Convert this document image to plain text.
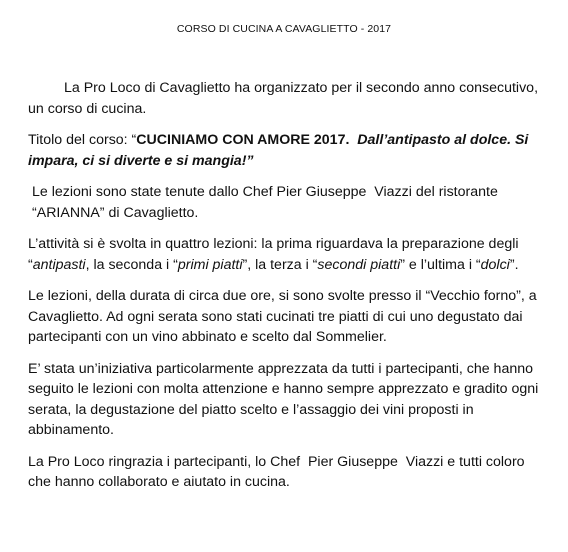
CORSO DI CUCINA A CAVAGLIETTO - 2017

La Pro Loco di Cavaglietto ha organizzato per il secondo anno consecutivo, un corso di cucina.

Titolo del corso: “CUCINIAMO CON AMORE 2017. Dall’antipasto al dolce. Si impara, ci si diverte e si mangia!”

Le lezioni sono state tenute dallo Chef Pier Giuseppe  Viazzi del ristorante “ARIANNA” di Cavaglietto.

L’attività si è svolta in quattro lezioni: la prima riguardava la preparazione degli “antipasti, la seconda i “primi piatti”, la terza i “secondi piatti” e l’ultima i “dolci”.

Le lezioni, della durata di circa due ore, si sono svolte presso il “Vecchio forno”, a Cavaglietto. Ad ogni serata sono stati cucinati tre piatti di cui uno degustato dai partecipanti con un vino abbinato e scelto dal Sommelier.

E’ stata un’iniziativa particolarmente apprezzata da tutti i partecipanti, che hanno seguito le lezioni con molta attenzione e hanno sempre apprezzato e gradito ogni serata, la degustazione del piatto scelto e l’assaggio dei vini proposti in abbinamento.

La Pro Loco ringrazia i partecipanti, lo Chef  Pier Giuseppe  Viazzi e tutti coloro che hanno collaborato e aiutato in cucina.
